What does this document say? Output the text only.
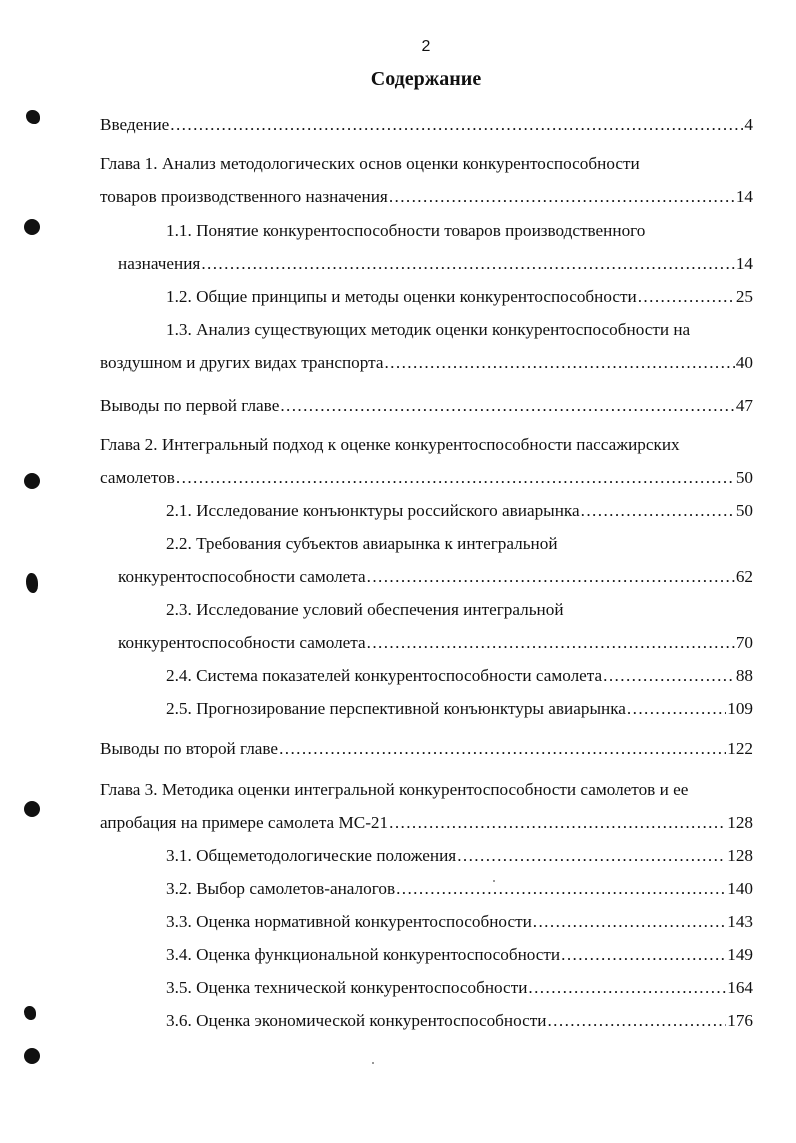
2
Содержание
Введение .....	4
Глава 1. Анализ методологических основ оценки конкурентоспособности
товаров производственного назначения .....	14
1.1. Понятие конкурентоспособности товаров производственного
назначения .....	14
1.2. Общие принципы и методы оценки конкурентоспособности .....	25
1.3. Анализ существующих методик оценки конкурентоспособности на
воздушном и других видах транспорта .....	40
Выводы по первой главе .....	47
Глава 2. Интегральный подход к оценке конкурентоспособности пассажирских
самолетов .....	50
2.1. Исследование конъюнктуры российского авиарынка .....	50
2.2. Требования субъектов авиарынка к интегральной
конкурентоспособности самолета .....	62
2.3. Исследование условий обеспечения интегральной
конкурентоспособности самолета .....	70
2.4. Система показателей конкурентоспособности самолета .....	88
2.5. Прогнозирование перспективной конъюнктуры авиарынка .....	109
Выводы по второй главе .....	122
Глава 3. Методика оценки интегральной конкурентоспособности самолетов и ее
апробация на примере самолета МС-21 .....	128
3.1. Общеметодологические положения .....	128
3.2. Выбор самолетов-аналогов .....	140
3.3. Оценка нормативной конкурентоспособности .....	143
3.4. Оценка функциональной конкурентоспособности .....	149
3.5. Оценка технической конкурентоспособности .....	164
3.6. Оценка экономической конкурентоспособности .....	176
